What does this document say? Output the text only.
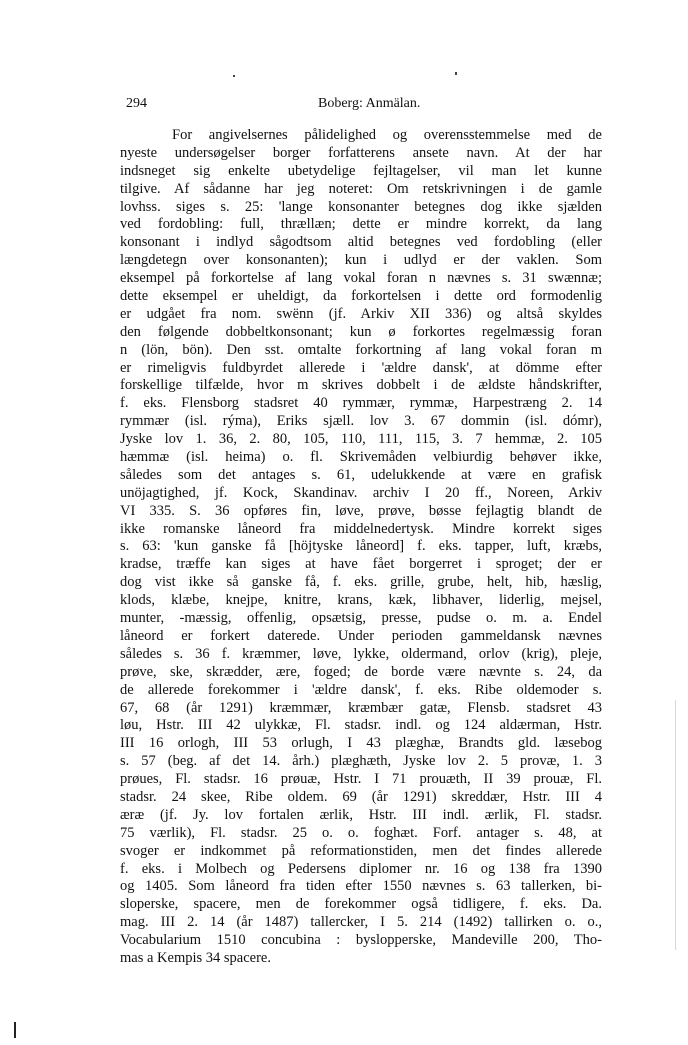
294	Boberg: Anmälan.
For angivelsernes pålidelighed og overensstemmelse med de
nyeste undersøgelser borger forfatterens ansete navn. At der har
indsneget sig enkelte ubetydelige fejltagelser, vil man let kunne
tilgive. Af sådanne har jeg noteret: Om retskrivningen i de gamle
lovhss. siges s. 25: 'lange konsonanter betegnes dog ikke sjælden
ved fordobling: full, thrællæn; dette er mindre korrekt, da lang
konsonant i indlyd sågodtsom altid betegnes ved fordobling (eller
længdetegn over konsonanten); kun i udlyd er der vaklen. Som
eksempel på forkortelse af lang vokal foran n nævnes s. 31 swænnæ;
dette eksempel er uheldigt, da forkortelsen i dette ord formodenlig
er udgået fra nom. swënn (jf. Arkiv XII 336) og altså skyldes
den følgende dobbeltkonsonant; kun ø forkortes regelmæssig foran
n (lön, bön). Den sst. omtalte forkortning af lang vokal foran m
er rimeligvis fuldbyrdet allerede i 'ældre dansk', at dömme efter
forskellige tilfælde, hvor m skrives dobbelt i de ældste håndskrifter,
f. eks. Flensborg stadsret 40 rymmær, rymmæ, Harpestræng 2. 14
rymmær (isl. rýma), Eriks sjæll. lov 3. 67 dommin (isl. dómr),
Jyske lov 1. 36, 2. 80, 105, 110, 111, 115, 3. 7 hemmæ, 2. 105
hæmmæ (isl. heima) o. fl. Skrivemåden velbiurdig behøver ikke,
således som det antages s. 61, udelukkende at være en grafisk
unöjagtighed, jf. Kock, Skandinav. archiv I 20 ff., Noreen, Arkiv
VI 335. S. 36 opføres fin, løve, prøve, bøsse fejlagtig blandt de
ikke romanske låneord fra middelnedertysk. Mindre korrekt siges
s. 63: 'kun ganske få [höjtyske låneord] f. eks. tapper, luft, kræbs,
kradse, træffe kan siges at have fået borgerret i sproget; der er
dog vist ikke så ganske få, f. eks. grille, grube, helt, hib, hæslig,
klods, klæbe, knejpe, knitre, krans, kæk, libhaver, liderlig, mejsel,
munter, -mæssig, offenlig, opsætsig, presse, pudse o. m. a. Endel
låneord er forkert daterede. Under perioden gammeldansk nævnes
således s. 36 f. kræmmer, løve, lykke, oldermand, orlov (krig), pleje,
prøve, ske, skrædder, ære, foged; de borde være nævnte s. 24, da
de allerede forekommer i 'ældre dansk', f. eks. Ribe oldemoder s.
67, 68 (år 1291) kræmmær, kræmbær gatæ, Flensb. stadsret 43
løu, Hstr. III 42 ulykkæ, Fl. stadsr. indl. og 124 aldærman, Hstr.
III 16 orlogh, III 53 orlugh, I 43 plæghæ, Brandts gld. læsebog
s. 57 (beg. af det 14. årh.) plæghæth, Jyske lov 2. 5 provæ, 1. 3
prøues, Fl. stadsr. 16 prøuæ, Hstr. I 71 prouæth, II 39 prouæ, Fl.
stadsr. 24 skee, Ribe oldem. 69 (år 1291) skreddær, Hstr. III 4
æræ (jf. Jy. lov fortalen ærlik, Hstr. III indl. ærlik, Fl. stadsr.
75 værlik), Fl. stadsr. 25 o. o. foghæt. Forf. antager s. 48, at
svoger er indkommet på reformationstiden, men det findes allerede
f. eks. i Molbech og Pedersens diplomer nr. 16 og 138 fra 1390
og 1405. Som låneord fra tiden efter 1550 nævnes s. 63 tallerken, bi-
sloperske, spacere, men de forekommer også tidligere, f. eks. Da.
mag. III 2. 14 (år 1487) tallercker, I 5. 214 (1492) tallirken o. o.,
Vocabularium 1510 concubina : byslopperske, Mandeville 200, Tho-
mas a Kempis 34 spacere.
